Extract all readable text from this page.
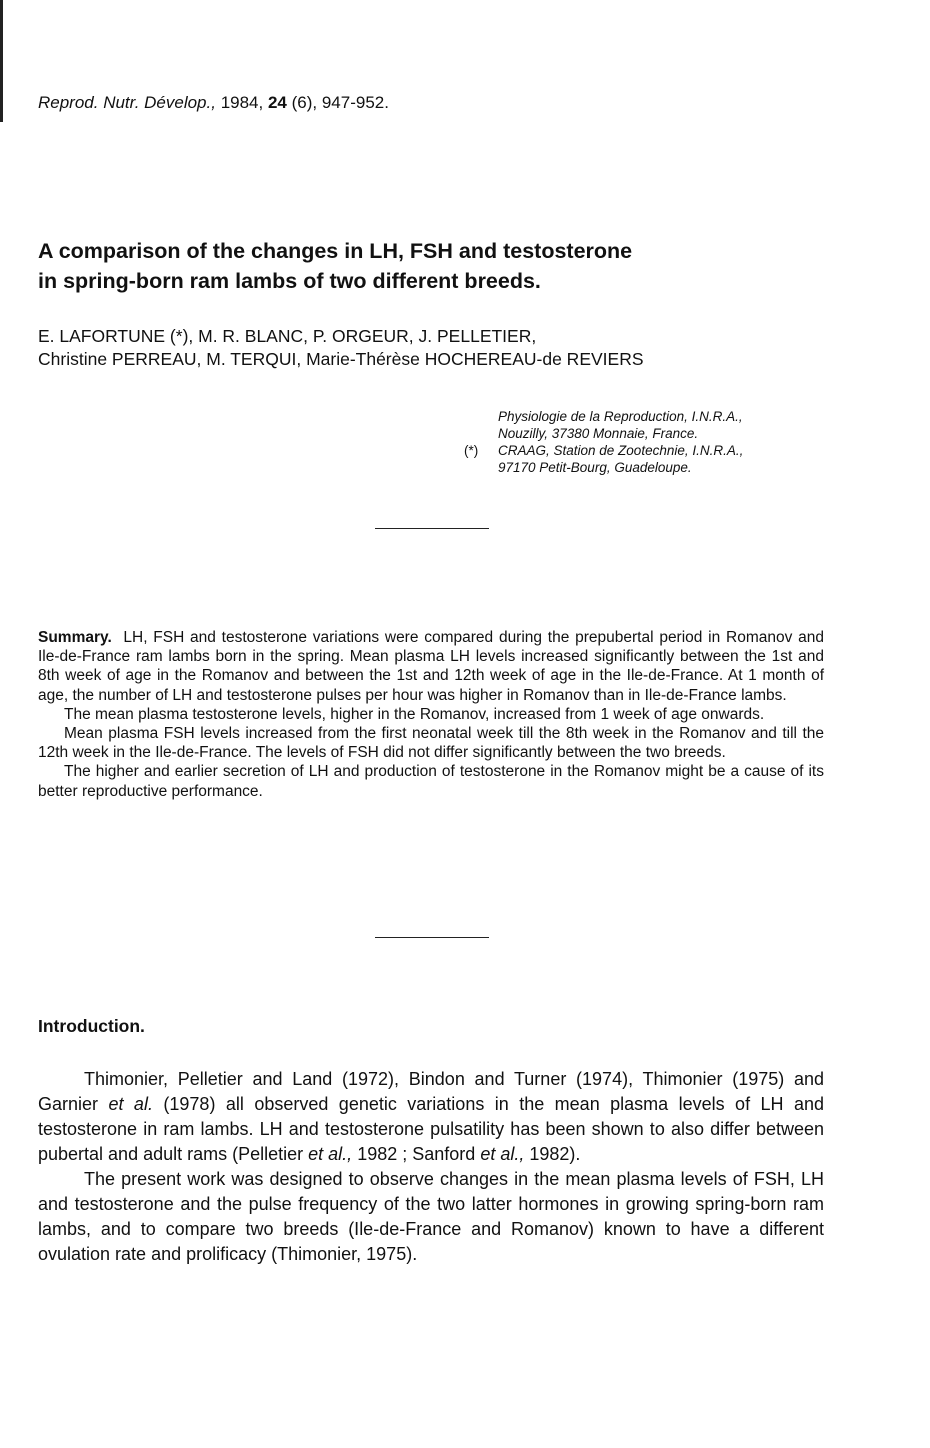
Reprod. Nutr. Dévelop., 1984, 24 (6), 947-952.
A comparison of the changes in LH, FSH and testosterone
in spring-born ram lambs of two different breeds.
E. LAFORTUNE (*), M. R. BLANC, P. ORGEUR, J. PELLETIER,
Christine PERREAU, M. TERQUI, Marie-Thérèse HOCHEREAU-de REVIERS
Physiologie de la Reproduction, I.N.R.A.,
Nouzilly, 37380 Monnaie, France.
(*) CRAAG, Station de Zootechnie, I.N.R.A.,
97170 Petit-Bourg, Guadeloupe.

Summary. LH, FSH and testosterone variations were compared during the prepubertal period in Romanov and Ile-de-France ram lambs born in the spring. Mean plasma LH levels increased significantly between the 1st and 8th week of age in the Romanov and between the 1st and 12th week of age in the Ile-de-France. At 1 month of age, the number of LH and testosterone pulses per hour was higher in Romanov than in Ile-de-France lambs.

The mean plasma testosterone levels, higher in the Romanov, increased from 1 week of age onwards.

Mean plasma FSH levels increased from the first neonatal week till the 8th week in the Romanov and till the 12th week in the Ile-de-France. The levels of FSH did not differ significantly between the two breeds.

The higher and earlier secretion of LH and production of testosterone in the Romanov might be a cause of its better reproductive performance.

Introduction.

Thimonier, Pelletier and Land (1972), Bindon and Turner (1974), Thimonier (1975) and Garnier et al. (1978) all observed genetic variations in the mean plasma levels of LH and testosterone in ram lambs. LH and testosterone pulsatility has been shown to also differ between pubertal and adult rams (Pelletier et al., 1982 ; Sanford et al., 1982).

The present work was designed to observe changes in the mean plasma levels of FSH, LH and testosterone and the pulse frequency of the two latter hormones in growing spring-born ram lambs, and to compare two breeds (Ile-de-France and Romanov) known to have a different ovulation rate and prolificacy (Thimonier, 1975).
